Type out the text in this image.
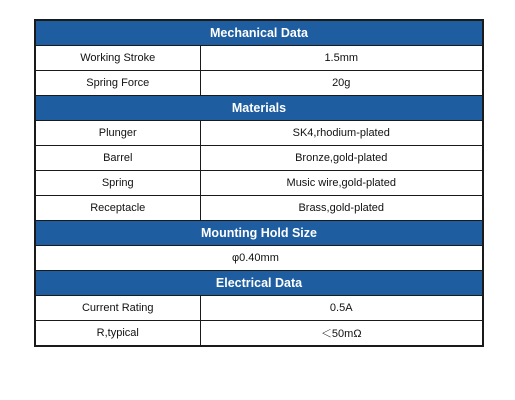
Mechanical Data	
Working Stroke	1.5mm
Spring Force	20g
Materials	
Plunger	SK4,rhodium-plated
Barrel	Bronze,gold-plated
Spring	Music wire,gold-plated
Receptacle	Brass,gold-plated
Mounting Hold Size	
φ0.40mm	
Electrical Data	
Current Rating	0.5A
R,typical	＜50mΩ
